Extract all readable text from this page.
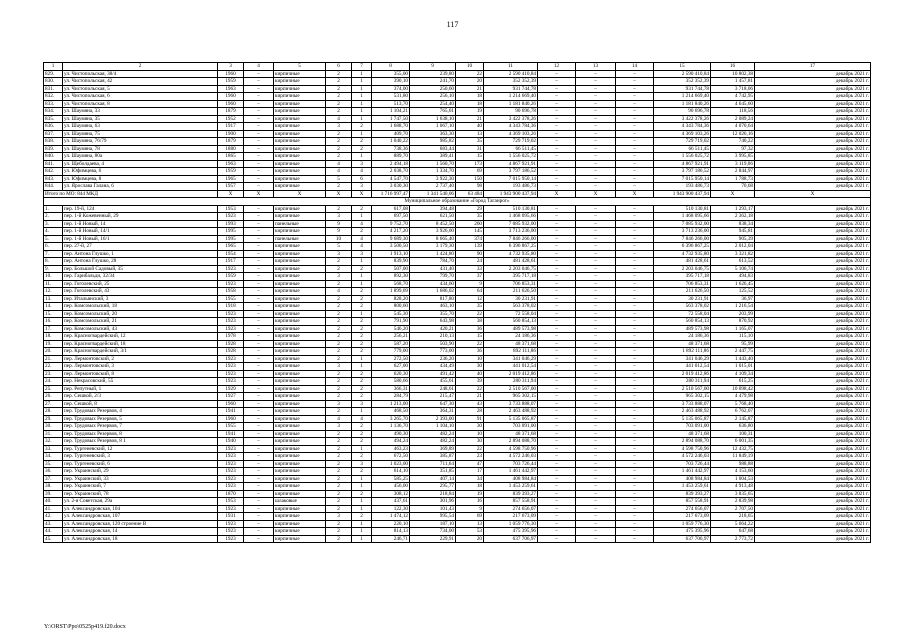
117
1	2	3	4	5	6	7	8	9	10	11	12	13	14	15	16	17
829.	ул. Чистопольская, 38/4	1960	–	кирпичные	2	1	355,00	239,80	22	2 590 410,84	–	–	–	2 590 410,84	10 802,38	декабрь 2021 г.
830.	ул. Чистопольская, 42	1959	–	кирпичные	2	1	390,10	241,70	20	352 352,39	–	–	–	352 352,39	1 457,81	декабрь 2021 г.
831.	ул. Чистопольская, 5	1963	–	кирпичные	2	1	374,00	250,60	21	931 744,78	–	–	–	931 744,78	3 718,06	декабрь 2021 г.
832.	ул. Чистопольская, 6	1960	–	кирпичные	2	1	531,80	256,10	18	1 214 669,40	–	–	–	1 214 669,40	4 742,95	декабрь 2021 г.
833.	ул. Чистопольская, 8	1960	–	кирпичные	2	1	513,70	254,40	18	1 181 840,26	–	–	–	1 181 840,26	4 645,60	декабрь 2021 г.
834.	ул. Шаумяна, 33	1879	–	кирпичные	2	1	1 104,21	765,01	19	90 696,78	–	–	–	90 696,78	118,56	декабрь 2021 г.
835.	ул. Шаумяна, 35	1952	–	кирпичные	4	1	1 747,50	1 638,10	21	3 422 378,26	–	–	–	3 422 378,26	2 089,24	декабрь 2021 г.
836.	ул. Шаумяна, 63	1917	–	кирпичные	3	2	1 688,70	1 067,10	40	4 343 784,36	–	–	–	4 343 784,36	4 070,64	декабрь 2021 г.
837.	ул. Шаумяна, 75	1900	–	кирпичные	2	1	409,70	363,30	13	4 369 103,26	–	–	–	4 369 103,26	12 026,16	декабрь 2021 г.
838.	ул. Шаумяна, 76/79	1879	–	кирпичные	2	2	1 040,22	985,82	35	729 719,02	–	–	–	729 719,02	740,22	декабрь 2021 г.
839.	ул. Шаумяна, 78	1880	–	кирпичные	2	2	738,36	683,44	31	66 511,45	–	–	–	66 511,45	97,32	декабрь 2021 г.
840.	ул. Шаумяна, 80а	1865	–	кирпичные	2	1	889,70	389,41	15	1 556 025,72	–	–	–	1 556 025,72	3 995,85	декабрь 2021 г.
841.	ул. Щеболдаева, 4	1963	–	кирпичные	4	3	2 494,18	1 560,70	173	4 867 921,91	–	–	–	4 867 921,91	3 119,06	декабрь 2021 г.
842.	ул. Юфимцева, 6	1959	–	кирпичные	4	4	2 038,70	1 334,70	69	3 797 186,52	–	–	–	3 797 186,52	2 844,97	декабрь 2021 г.
843.	ул. Юфимцева, 8	1965	–	кирпичные	5	6	4 547,70	3 922,30	150	7 015 950,14	–	–	–	7 015 950,14	1 788,73	декабрь 2021 г.
844.	ул. Ярослава Галана, 6	1957	–	кирпичные	2	3	3 030,30	2 737,40	98	193 486,73	–	–	–	193 486,73	70,68	декабрь 2021 г.
Итого по МО: 844 МКД		X	X	X	X	X	1 716 997,47	1 341 540,06	63 484	1 943 900 437,94	X	X	X	1 943 900 437,94	X	X
Муниципальное образование «Город Таганрог»																
1.	пер. 19-й, 124	1953	–	кирпичные	2	2	617,08	394,48	29	510 130,81	–	–	–	510 130,81	1 293,17	декабрь 2021 г.
2.	пер. 1-й Кожевенный, 29	1923	–	кирпичные	3	1	697,50	621,50	35	1 468 095,66	–	–	–	1 468 095,66	2 362,18	декабрь 2021 г.
3.	пер. 1-й Новый, 14	1993	–	панельные	9	4	9 752,70	8 452,50	260	7 085 932,00	–	–	–	7 085 932,00	838,34	декабрь 2021 г.
4.	пер. 1-й Новый, 14/1	1995	–	кирпичные	9	2	4 217,20	3 926,00	145	3 713 236,00	–	–	–	3 713 236,00	945,81	декабрь 2021 г.
5.	пер. 1-й Новый, 16/1	1995	–	панельные	10	4	9 689,30	8 665,40	374	7 846 266,00	–	–	–	7 846 266,00	905,39	декабрь 2021 г.
6.	пер. 27-й, 27	1965	–	кирпичные	5	4	3 500,50	3 179,30	139	6 396 867,25	–	–	–	6 396 867,25	2 012,04	декабрь 2021 г.
7.	пер. Антона Глушко, 1	1954	–	кирпичные	3	3	1 913,10	1 424,80	90	4 732 935,80	–	–	–	4 732 935,80	3 321,82	декабрь 2021 г.
8.	пер. Антона Глушко, 28	1917	–	кирпичные	2	1	839,90	784,70	24	481 428,61	–	–	–	481 428,61	613,52	декабрь 2021 г.
9.	пер. Большой Садовый, 35	1923	–	кирпичные	2	2	507,00	431,40	33	2 203 046,75	–	–	–	2 203 046,75	5 106,74	декабрь 2021 г.
10.	пер. Гарибальди, 32/34	1959	–	кирпичные	3	1	892,30	799,70	37	395 717,18	–	–	–	395 717,18	494,83	декабрь 2021 г.
11.	пер. Гоголевский, 25	1923	–	кирпичные	2	1	568,70	434,60	9	706 853,31	–	–	–	706 853,31	1 626,45	декабрь 2021 г.
12.	пер. Гоголевский, 43	1958	–	кирпичные	4	2	1 899,09	1 686,02	64	211 626,50	–	–	–	211 626,50	125,52	декабрь 2021 г.
13.	пер. Итальянский, 3	1955	–	кирпичные	2	2	828,20	817,80	12	30 231,91	–	–	–	30 231,91	36,97	декабрь 2021 г.
14.	пер. Комсомольский, 18	1918	–	кирпичные	2	2	800,60	463,10	35	563 378,02	–	–	–	563 378,02	1 216,54	декабрь 2021 г.
15.	пер. Комсомольский, 20	1923	–	кирпичные	2	1	545,30	355,70	22	72 558,04	–	–	–	72 558,04	203,99	декабрь 2021 г.
16.	пер. Комсомольский, 21	1923	–	кирпичные	2	2	791,90	643,98	38	560 854,13	–	–	–	560 854,13	870,92	декабрь 2021 г.
17.	пер. Комсомольский, 43	1923	–	кирпичные	2	2	546,20	420,21	36	489 573,98	–	–	–	489 573,98	1 165,07	декабрь 2021 г.
18.	пер. Красногвардейский, 12	1978	–	кирпичные	2	2	256,21	210,13	15	24 186,36	–	–	–	24 186,36	115,10	декабрь 2021 г.
19.	пер. Красногвардейский, 18	1928	–	кирпичные	2	2	587,20	503,90	22	48 371,68	–	–	–	48 371,68	95,99	декабрь 2021 г.
20.	пер. Красногвардейский, 3/1	1928	–	кирпичные	2	2	779,00	773,00	36	892 111,86	–	–	–	1 892 111,86	2 447,75	декабрь 2021 г.
21.	пер. Лермонтовский, 2	1923	–	кирпичные	2	1	272,50	236,20	10	341 046,29	–	–	–	341 046,29	1 443,40	декабрь 2021 г.
22.	пер. Лермонтовский, 3	1923	–	кирпичные	3	1	627,00	434,49	30	441 012,54	–	–	–	441 012,54	1 015,01	декабрь 2021 г.
23.	пер. Лермонтовский, 8	1923	–	кирпичные	2	2	620,30	491,42	40	2 019 412,86	–	–	–	2 019 412,86	4 109,34	декабрь 2021 г.
24.	пер. Некрасовский, 55	1923	–	кирпичные	2	2	580,66	455,61	39	280 311,94	–	–	–	280 311,94	615,25	декабрь 2021 г.
25.	пер. Репутный, 1	1929	–	кирпичные	2	2	366,31	248,61	22	2 510 567,00	–	–	–	2 510 567,00	10 098,42	декабрь 2021 г.
26.	пер. Сешкой, 2/3	1927	–	кирпичные	2	2	284,79	215,47	21	965 302,15	–	–	–	965 302,15	4 479,98	декабрь 2021 г.
27.	пер. Сешкой, 8	1960	–	кирпичные	3	3	1 213,00	647,30	43	3 733 888,07	–	–	–	3 733 888,07	5 768,40	декабрь 2021 г.
28.	пер. Трудовых Резервов, 4	1941	–	кирпичные	2	1	468,50	364,31	28	2 463 488,92	–	–	–	2 463 488,92	6 762,07	декабрь 2021 г.
29.	пер. Трудовых Резервов, 5	1960	–	кирпичные	4	4	3 265,70	2 393,00	91	5 135 065,87	–	–	–	5 135 065,87	2 145,87	декабрь 2021 г.
30.	пер. Трудовых Резервов, 7	1955	–	кирпичные	3	2	1 136,70	1 104,10	30	703 091,00	–	–	–	703 091,00	636,80	декабрь 2021 г.
31.	пер. Трудовых Резервов, 8	1941	–	кирпичные	2	2	490,30	482,24	10	48 371,68	–	–	–	48 371,68	100,31	декабрь 2021 г.
32.	пер. Трудовых Резервов, 8 1	1940	–	кирпичные	2	2	494,24	482,24	30	2 894 088,70	–	–	–	2 894 088,70	6 001,35	декабрь 2021 г.
33.	пер. Тургеневский, 12	1923	–	кирпичные	2	1	463,23	369,89	22	4 598 750,96	–	–	–	4 598 750,96	12 432,75	декабрь 2021 г.
34.	пер. Тургеневский, 3	1923	–	кирпичные	2	2	672,50	385,87	23	4 572 246,03	–	–	–	4 572 246,03	11 849,19	декабрь 2021 г.
35.	пер. Тургеневский, 6	1923	–	кирпичные	2	3	1 023,00	711,64	47	703 726,44	–	–	–	703 726,44	988,88	декабрь 2021 г.
36.	пер. Украинский, 29	1923	–	кирпичные	2	2	614,10	351,85	17	1 461 442,97	–	–	–	1 461 442,97	4 153,60	декабрь 2021 г.
37.	пер. Украинский, 33	1923	–	кирпичные	2	1	585,25	407,14	34	408 984,84	–	–	–	408 984,84	1 004,53	декабрь 2021 г.
38.	пер. Украинский, 7	1923	–	кирпичные	2	1	456,00	295,77	18	1 453 259,61	–	–	–	1 453 259,61	4 913,48	декабрь 2021 г.
39.	пер. Украинский, 78	1870	–	кирпичные	2	2	308,12	218,84	19	839 393,27	–	–	–	839 393,27	3 835,65	декабрь 2021 г.
40.	ул. 2-я Советская, 29а	1953	–	шлаковые	2	1	437,61	301,96	16	857 558,91	–	–	–	857 558,91	2 839,98	декабрь 2021 г.
41.	ул. Александровская, 104	1923	–	кирпичные	2	1	122,30	101,43	9	274 656,07	–	–	–	274 656,07	2 707,50	декабрь 2021 г.
42.	ул. Александровская, 107	1931	–	кирпичные	3	2	1 474,12	995,54	69	217 673,09	–	–	–	217 673,09	218,65	декабрь 2021 г.
43.	ул. Александровская, 120 строение В	1923	–	кирпичные	2	1	220,10	187,10	13	1 059 776,30	–	–	–	1 059 776,30	5 664,22	декабрь 2021 г.
44.	ул. Александровская, 14	1923	–	кирпичные	2	1	814,13	734,00	53	475 395,96	–	–	–	475 395,96	647,68	декабрь 2021 г.
45.	ул. Александровская, 18	1923	–	кирпичные	2	1	246,71	229,91	20	637 706,97	–	–	–	637 706,97	2 773,72	декабрь 2021 г.
Y:\ORST\Ppo\0525p419.f20.docx
